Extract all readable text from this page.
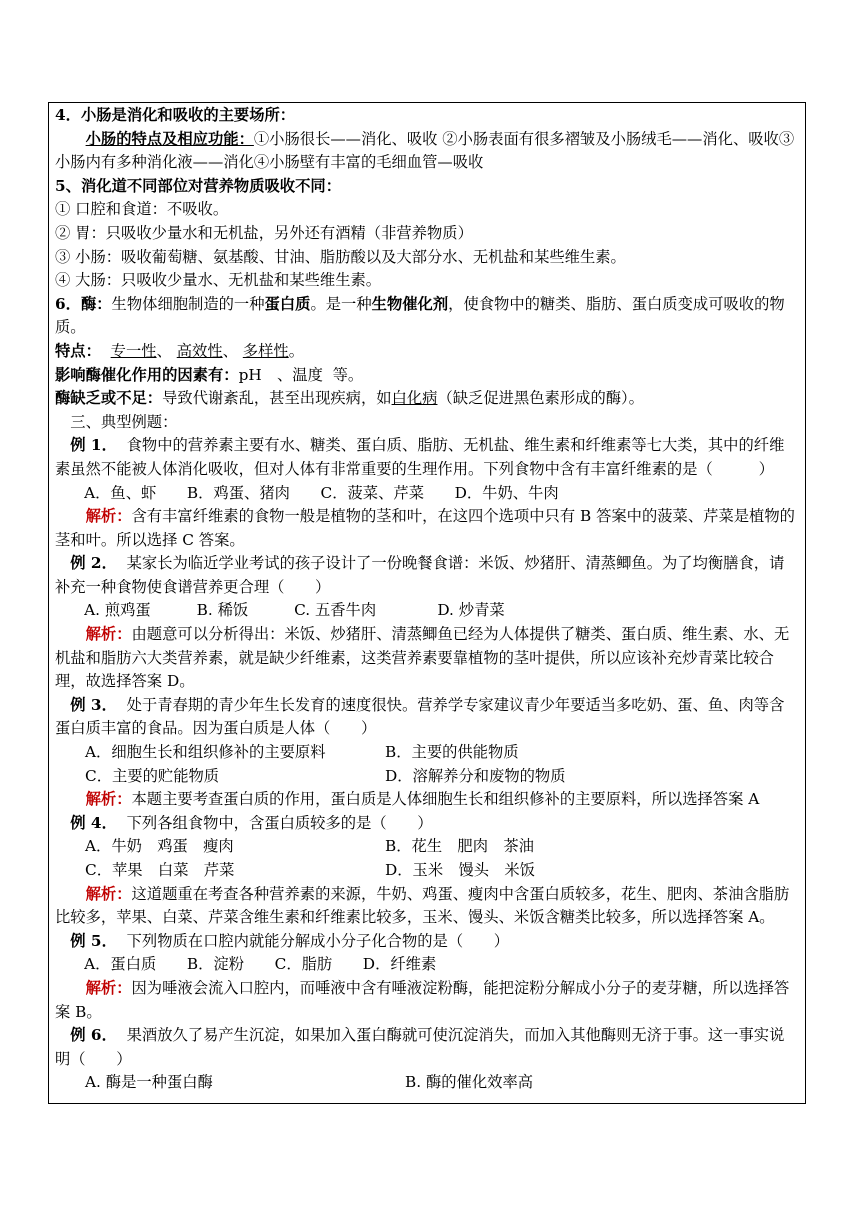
4．小肠是消化和吸收的主要场所：

小肠的特点及相应功能：①小肠很长——消化、吸收 ②小肠表面有很多褶皱及小肠绒毛——消化、吸收③小肠内有多种消化液——消化④小肠壁有丰富的毛细血管—吸收

5、消化道不同部位对营养物质吸收不同：

① 口腔和食道：不吸收。

② 胃：只吸收少量水和无机盐，另外还有酒精（非营养物质）

③ 小肠：吸收葡萄糖、氨基酸、甘油、脂肪酸以及大部分水、无机盐和某些维生素。

④ 大肠：只吸收少量水、无机盐和某些维生素。

6．酶：生物体细胞制造的一种蛋白质。是一种生物催化剂，使食物中的糖类、脂肪、蛋白质变成可吸收的物质。

特点： 专一性、 高效性、 多样性。

影响酶催化作用的因素有：pH　、温度  等。

酶缺乏或不足：导致代谢紊乱，甚至出现疾病，如白化病（缺乏促进黑色素形成的酶）。

三、典型例题：

例 1．  食物中的营养素主要有水、糖类、蛋白质、脂肪、无机盐、维生素和纤维素等七大类，其中的纤维素虽然不能被人体消化吸收，但对人体有非常重要的生理作用。下列食物中含有丰富纤维素的是（　　　）

A．鱼、虾　　B．鸡蛋、猪肉　　C．菠菜、芹菜　　D．牛奶、牛肉

解析：含有丰富纤维素的食物一般是植物的茎和叶，在这四个选项中只有 B 答案中的菠菜、芹菜是植物的茎和叶。所以选择 C 答案。

例 2．  某家长为临近学业考试的孩子设计了一份晚餐食谱：米饭、炒猪肝、清蒸鲫鱼。为了均衡膳食，请补充一种食物使食谱营养更合理（　　）

A. 煎鸡蛋　　　B. 稀饭　　　C. 五香牛肉　　　　D. 炒青菜

解析：由题意可以分析得出：米饭、炒猪肝、清蒸鲫鱼已经为人体提供了糖类、蛋白质、维生素、水、无机盐和脂肪六大类营养素，就是缺少纤维素，这类营养素要靠植物的茎叶提供，所以应该补充炒青菜比较合理，故选择答案 D。

例 3．  处于青春期的青少年生长发育的速度很快。营养学专家建议青少年要适当多吃奶、蛋、鱼、肉等含蛋白质丰富的食品。因为蛋白质是人体（　　）

A．细胞生长和组织修补的主要原料	B．主要的供能物质
C．主要的贮能物质	D．溶解养分和废物的物质

解析：本题主要考查蛋白质的作用，蛋白质是人体细胞生长和组织修补的主要原料，所以选择答案 A

例 4．  下列各组食物中，含蛋白质较多的是（　　）

A．牛奶　鸡蛋　瘦肉	B．花生　肥肉　茶油
C．苹果　白菜　芹菜	D．玉米　馒头　米饭

解析：这道题重在考查各种营养素的来源，牛奶、鸡蛋、瘦肉中含蛋白质较多，花生、肥肉、茶油含脂肪比较多，苹果、白菜、芹菜含维生素和纤维素比较多，玉米、馒头、米饭含糖类比较多，所以选择答案 A。

例 5．  下列物质在口腔内就能分解成小分子化合物的是（　　）

A．蛋白质　　B．淀粉　　C．脂肪　　D．纤维素

解析：因为唾液会流入口腔内，而唾液中含有唾液淀粉酶，能把淀粉分解成小分子的麦芽糖，所以选择答案 B。

例 6．  果酒放久了易产生沉淀，如果加入蛋白酶就可使沉淀消失，而加入其他酶则无济于事。这一事实说明（　　）

A. 酶是一种蛋白酶	B. 酶的催化效率高
